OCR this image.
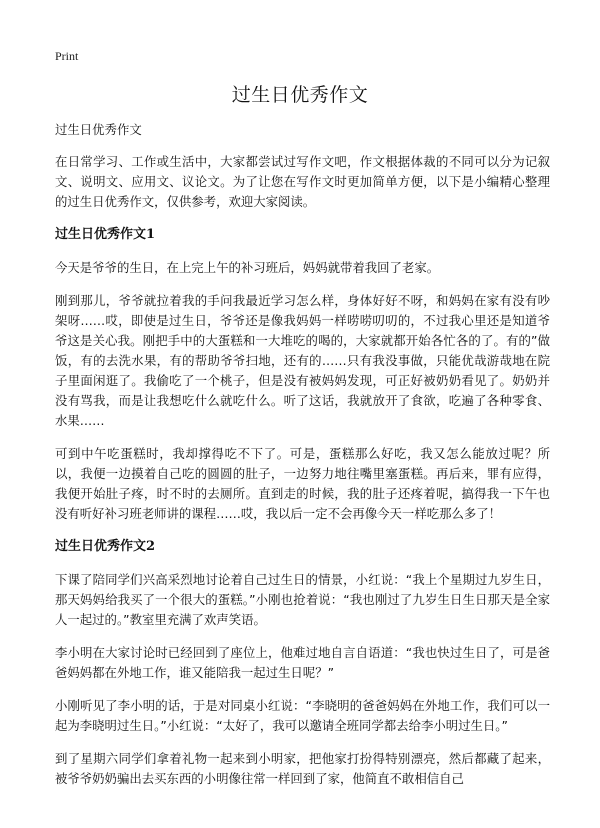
Print
过生日优秀作文

过生日优秀作文

在日常学习、工作或生活中，大家都尝试过写作文吧，作文根据体裁的不同可以分为记叙文、说明文、应用文、议论文。为了让您在写作文时更加简单方便，以下是小编精心整理的过生日优秀作文，仅供参考，欢迎大家阅读。

过生日优秀作文1

今天是爷爷的生日，在上完上午的补习班后，妈妈就带着我回了老家。

刚到那儿，爷爷就拉着我的手问我最近学习怎么样，身体好好不呀，和妈妈在家有没有吵架呀……哎，即使是过生日，爷爷还是像我妈妈一样唠唠叨叨的，不过我心里还是知道爷爷这是关心我。刚把手中的大蛋糕和一大堆吃的喝的，大家就都开始各忙各的了。有的”做饭，有的去洗水果，有的帮助爷爷扫地，还有的……只有我没事做，只能优哉游哉地在院子里面闲逛了。我偷吃了一个桃子，但是没有被妈妈发现，可正好被奶奶看见了。奶奶并没有骂我，而是让我想吃什么就吃什么。听了这话，我就放开了食欲，吃遍了各种零食、水果……

可到中午吃蛋糕时，我却撑得吃不下了。可是，蛋糕那么好吃，我又怎么能放过呢？所以，我便一边摸着自己吃的圆圆的肚子，一边努力地往嘴里塞蛋糕。再后来，罪有应得，我便开始肚子疼，时不时的去厕所。直到走的时候，我的肚子还疼着呢，搞得我一下午也没有听好补习班老师讲的课程……哎，我以后一定不会再像今天一样吃那么多了！

过生日优秀作文2

下课了陪同学们兴高采烈地讨论着自己过生日的情景，小红说：“我上个星期过九岁生日，那天妈妈给我买了一个很大的蛋糕。”小刚也抢着说：“我也刚过了九岁生日生日那天是全家人一起过的。”教室里充满了欢声笑语。

李小明在大家讨论时已经回到了座位上，他难过地自言自语道：“我也快过生日了，可是爸爸妈妈都在外地工作，谁又能陪我一起过生日呢？”

小刚听见了李小明的话，于是对同桌小红说：“李晓明的爸爸妈妈在外地工作，我们可以一起为李晓明过生日。”小红说：“太好了，我可以邀请全班同学都去给李小明过生日。”

到了星期六同学们拿着礼物一起来到小明家，把他家打扮得特别漂亮，然后都藏了起来，被爷爷奶奶骗出去买东西的小明像往常一样回到了家，他简直不敢相信自己
